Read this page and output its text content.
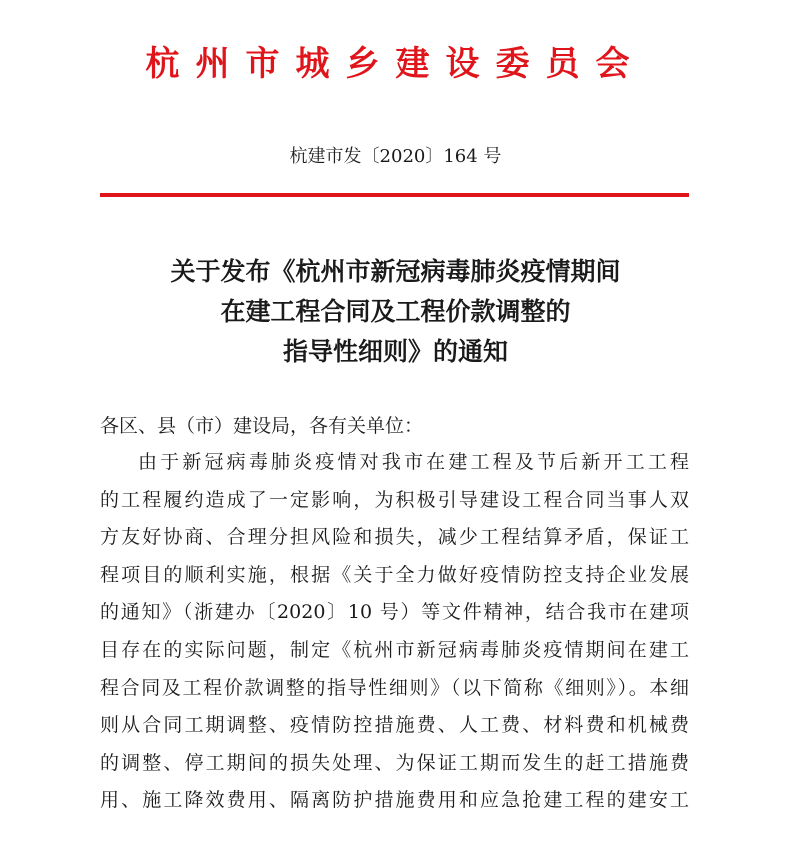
杭州市城乡建设委员会
杭建市发〔2020〕164 号
关于发布《杭州市新冠病毒肺炎疫情期间
在建工程合同及工程价款调整的
指导性细则》的通知
各区、县（市）建设局，各有关单位：
由于新冠病毒肺炎疫情对我市在建工程及节后新开工工程
的工程履约造成了一定影响，为积极引导建设工程合同当事人双
方友好协商、合理分担风险和损失，减少工程结算矛盾，保证工
程项目的顺利实施，根据《关于全力做好疫情防控支持企业发展
的通知》（浙建办〔2020〕10 号）等文件精神，结合我市在建项
目存在的实际问题，制定《杭州市新冠病毒肺炎疫情期间在建工
程合同及工程价款调整的指导性细则》（以下简称《细则》）。本细
则从合同工期调整、疫情防控措施费、人工费、材料费和机械费
的调整、停工期间的损失处理、为保证工期而发生的赶工措施费
用、施工降效费用、隔离防护措施费用和应急抢建工程的建安工
